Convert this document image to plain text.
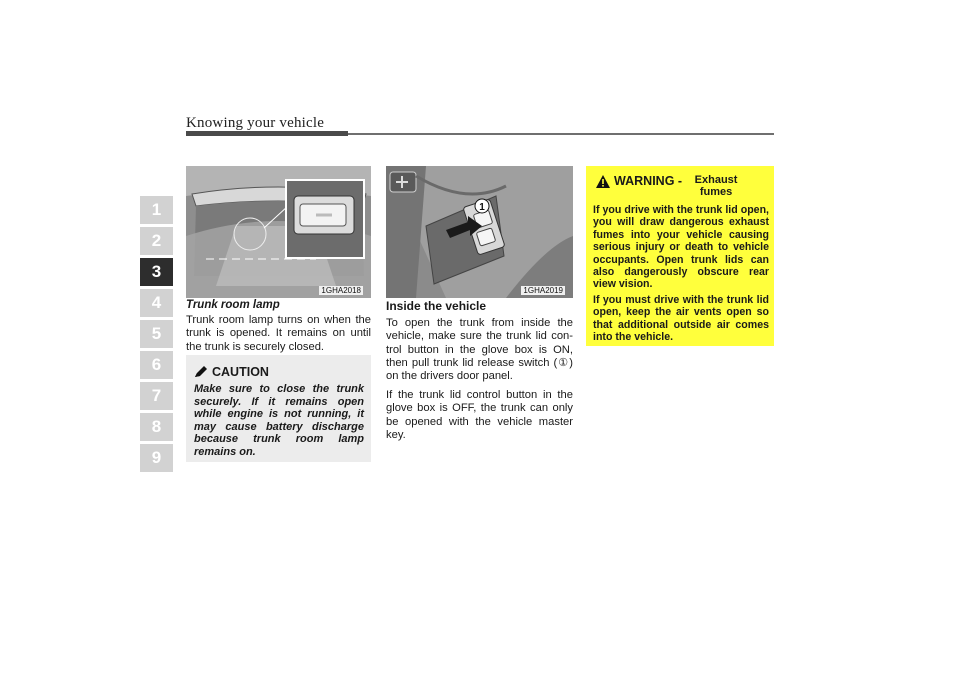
Knowing your vehicle
1
2
3
4
5
6
7
8
9
1GHA2018
1
1GHA2019
Trunk room lamp

Trunk room lamp turns on when the trunk is opened. It remains on until the trunk is securely closed.

CAUTION
Make sure to close the trunk securely. If it remains open while engine is not running, it may cause battery discharge because trunk room lamp remains on.
Inside the vehicle

To open the trunk from inside the vehicle, make sure the trunk lid con- trol button in the glove box is ON, then pull trunk lid release switch (①) on the drivers door panel.

If the trunk lid control button in the glove box is OFF, the trunk can only be opened with the vehicle master key.

WARNING -	Exhaust fumes

If you drive with the trunk lid open, you will draw dangerous exhaust fumes into your vehicle causing serious injury or death to vehicle occupants. Open trunk lids can also dangerously obscure rear view vision.

If you must drive with the trunk lid open, keep the air vents open so that additional outside air comes into the vehicle.
